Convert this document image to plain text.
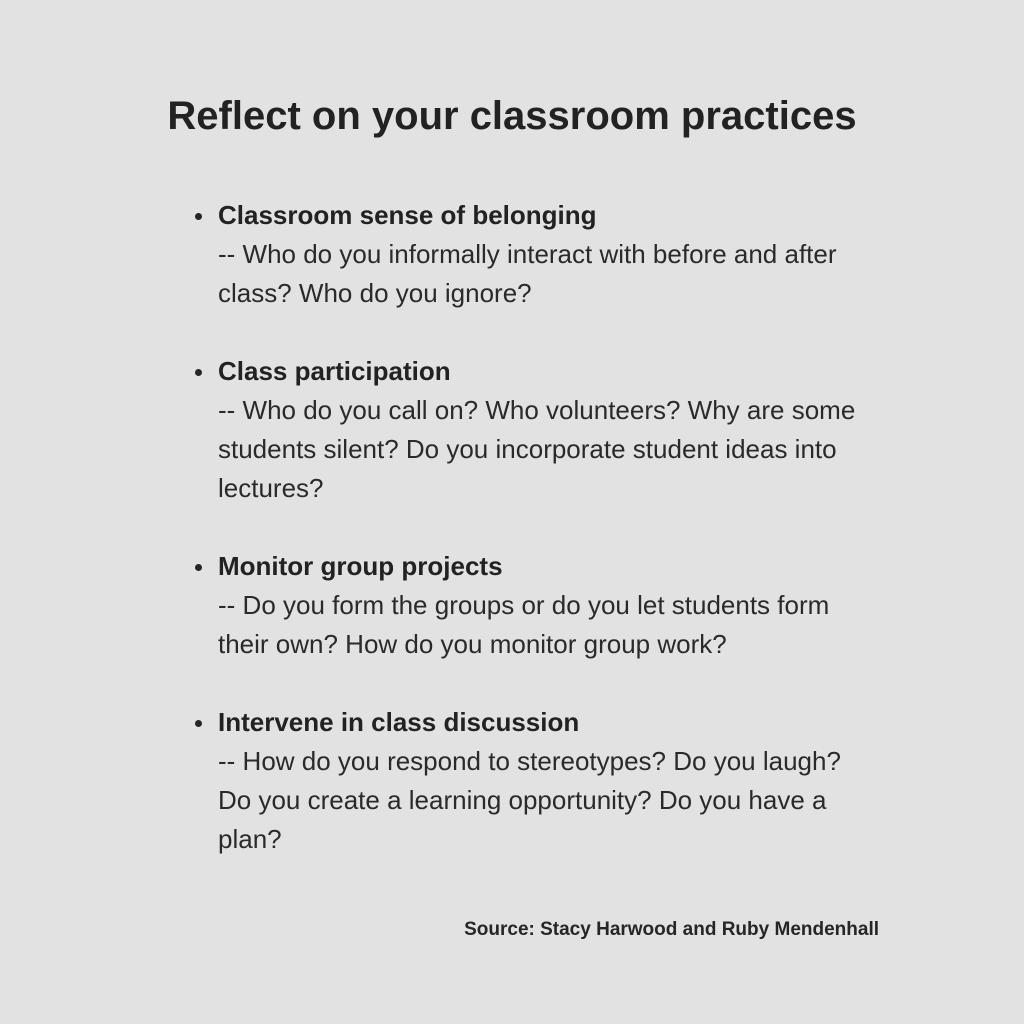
Reflect on your classroom practices
Classroom sense of belonging
-- Who do you informally interact with before and after class? Who do you ignore?
Class participation
-- Who do you call on? Who volunteers? Why are some students silent? Do you incorporate student ideas into lectures?
Monitor group projects
-- Do you form the groups or do you let students form their own? How do you monitor group work?
Intervene in class discussion
-- How do you respond to stereotypes? Do you laugh? Do you create a learning opportunity? Do you have a plan?

Source: Stacy Harwood and Ruby Mendenhall
